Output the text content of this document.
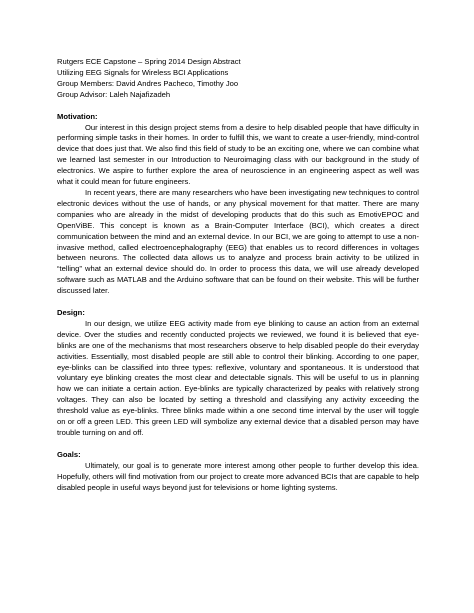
Rutgers ECE Capstone – Spring 2014 Design Abstract
Utilizing EEG Signals for Wireless BCI Applications
Group Members: David Andres Pacheco, Timothy Joo
Group Advisor: Laleh Najafizadeh
Motivation:

Our interest in this design project stems from a desire to help disabled people that have difficulty in performing simple tasks in their homes. In order to fulfill this, we want to create a user-friendly, mind-control device that does just that. We also find this field of study to be an exciting one, where we can combine what we learned last semester in our Introduction to Neuroimaging class with our background in the study of electronics. We aspire to further explore the area of neuroscience in an engineering aspect as well was what it could mean for future engineers.

In recent years, there are many researchers who have been investigating new techniques to control electronic devices without the use of hands, or any physical movement for that matter. There are many companies who are already in the midst of developing products that do this such as EmotivEPOC and OpenViBE. This concept is known as a Brain-Computer Interface (BCI), which creates a direct communication between the mind and an external device. In our BCI, we are going to attempt to use a non-invasive method, called electroencephalography (EEG) that enables us to record differences in voltages between neurons. The collected data allows us to analyze and process brain activity to be utilized in “telling” what an external device should do. In order to process this data, we will use already developed software such as MATLAB and the Arduino software that can be found on their website. This will be further discussed later.

Design:

In our design, we utilize EEG activity made from eye blinking to cause an action from an external device. Over the studies and recently conducted projects we reviewed, we found it is believed that eye-blinks are one of the mechanisms that most researchers observe to help disabled people do their everyday activities. Essentially, most disabled people are still able to control their blinking. According to one paper, eye-blinks can be classified into three types: reflexive, voluntary and spontaneous. It is understood that voluntary eye blinking creates the most clear and detectable signals. This will be useful to us in planning how we can initiate a certain action. Eye-blinks are typically characterized by peaks with relatively strong voltages. They can also be located by setting a threshold and classifying any activity exceeding the threshold value as eye-blinks. Three blinks made within a one second time interval by the user will toggle on or off a green LED. This green LED will symbolize any external device that a disabled person may have trouble turning on and off.

Goals:

Ultimately, our goal is to generate more interest among other people to further develop this idea. Hopefully, others will find motivation from our project to create more advanced BCIs that are capable to help disabled people in useful ways beyond just for televisions or home lighting systems.
